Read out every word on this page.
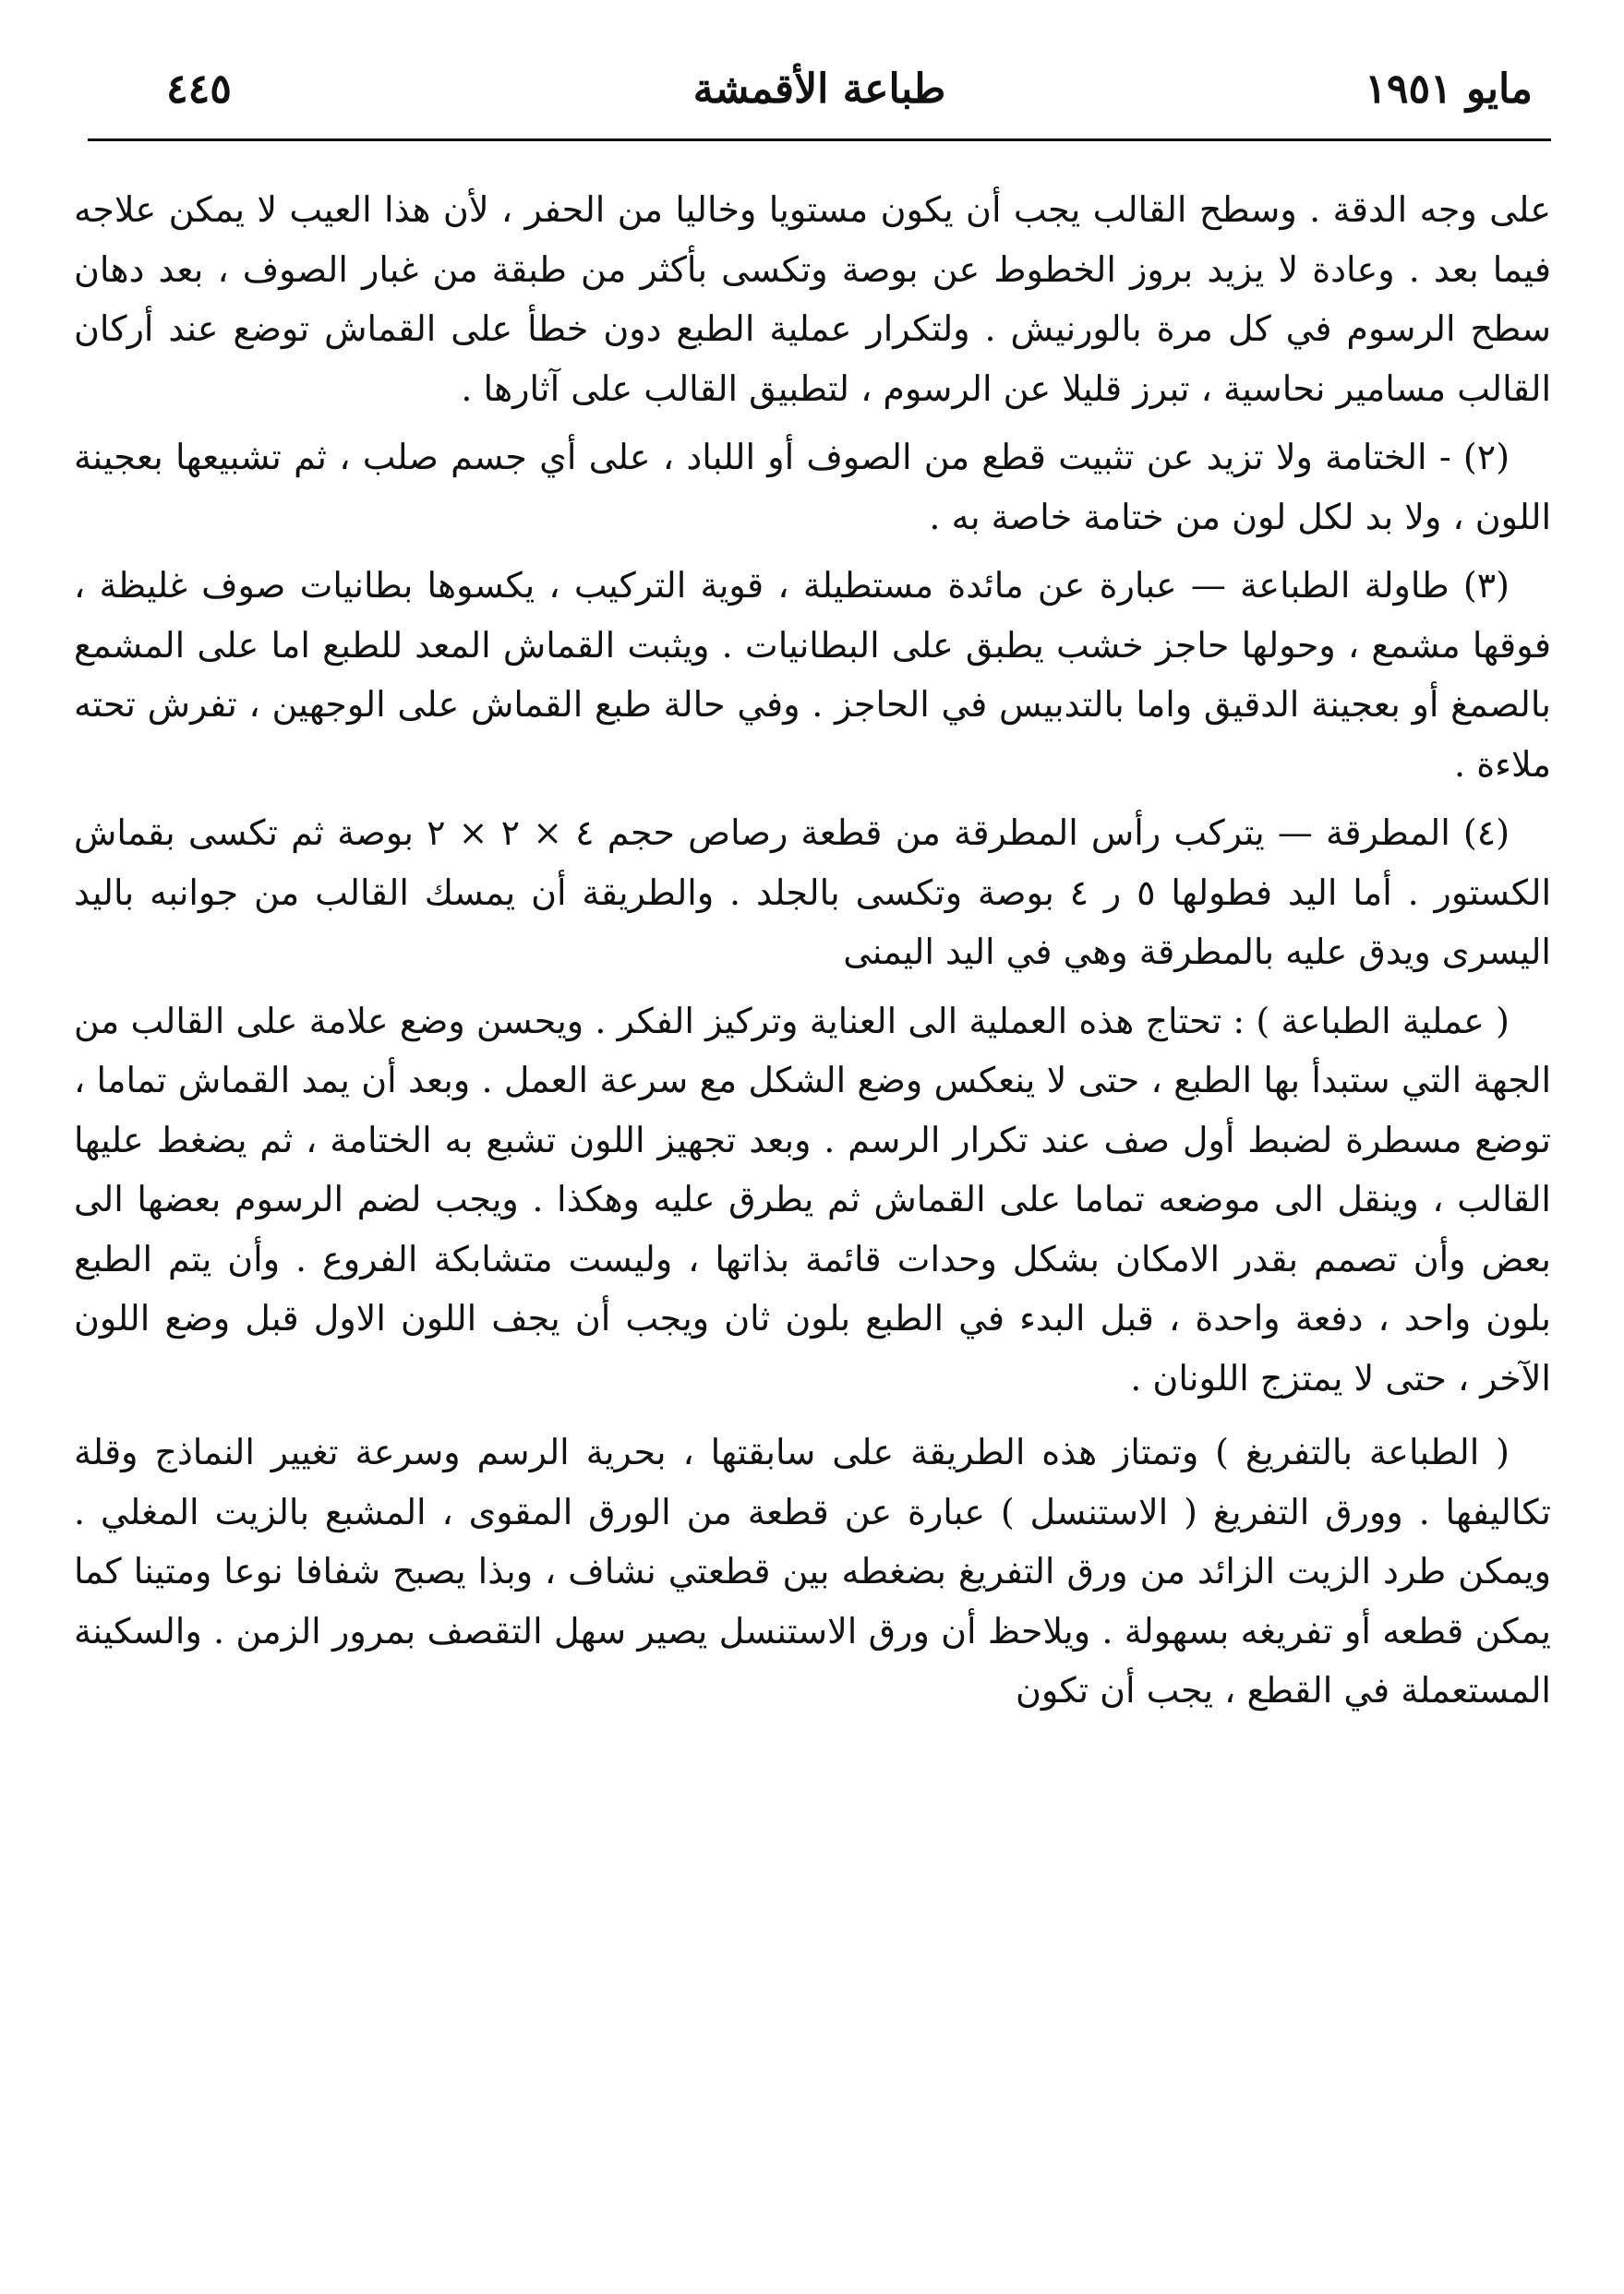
مايو ١٩٥١
طباعة الأقمشة
٤٤٥

على وجه الدقة . وسطح القالب يجب أن يكون مستويا وخاليا من الحفر ، لأن هذا العيب لا يمكن علاجه فيما بعد . وعادة لا يزيد بروز الخطوط عن بوصة وتكسى بأكثر من طبقة من غبار الصوف ، بعد دهان سطح الرسوم في كل مرة بالورنيش . ولتكرار عملية الطبع دون خطأ على القماش توضع عند أركان القالب مسامير نحاسية ، تبرز قليلا عن الرسوم ، لتطبيق القالب على آثارها .

(٢) - الختامة ولا تزيد عن تثبيت قطع من الصوف أو اللباد ، على أي جسم صلب ، ثم تشبيعها بعجينة اللون ، ولا بد لكل لون من ختامة خاصة به .

(٣) طاولة الطباعة — عبارة عن مائدة مستطيلة ، قوية التركيب ، يكسوها بطانيات صوف غليظة ، فوقها مشمع ، وحولها حاجز خشب يطبق على البطانيات . ويثبت القماش المعد للطبع اما على المشمع بالصمغ أو بعجينة الدقيق واما بالتدبيس في الحاجز . وفي حالة طبع القماش على الوجهين ، تفرش تحته ملاءة .

(٤) المطرقة — يتركب رأس المطرقة من قطعة رصاص حجم ٤ × ٢ × ٢ بوصة ثم تكسى بقماش الكستور . أما اليد فطولها ٥ ر ٤ بوصة وتكسى بالجلد . والطريقة أن يمسك القالب من جوانبه باليد اليسرى ويدق عليه بالمطرقة وهي في اليد اليمنى

( عملية الطباعة ) : تحتاج هذه العملية الى العناية وتركيز الفكر . ويحسن وضع علامة على القالب من الجهة التي ستبدأ بها الطبع ، حتى لا ينعكس وضع الشكل مع سرعة العمل . وبعد أن يمد القماش تماما ، توضع مسطرة لضبط أول صف عند تكرار الرسم . وبعد تجهيز اللون تشبع به الختامة ، ثم يضغط عليها القالب ، وينقل الى موضعه تماما على القماش ثم يطرق عليه وهكذا . ويجب لضم الرسوم بعضها الى بعض وأن تصمم بقدر الامكان بشكل وحدات قائمة بذاتها ، وليست متشابكة الفروع . وأن يتم الطبع بلون واحد ، دفعة واحدة ، قبل البدء في الطبع بلون ثان ويجب أن يجف اللون الاول قبل وضع اللون الآخر ، حتى لا يمتزج اللونان .

( الطباعة بالتفريغ ) وتمتاز هذه الطريقة على سابقتها ، بحرية الرسم وسرعة تغيير النماذج وقلة تكاليفها . وورق التفريغ ( الاستنسل ) عبارة عن قطعة من الورق المقوى ، المشبع بالزيت المغلي . ويمكن طرد الزيت الزائد من ورق التفريغ بضغطه بين قطعتي نشاف ، وبذا يصبح شفافا نوعا ومتينا كما يمكن قطعه أو تفريغه بسهولة . ويلاحظ أن ورق الاستنسل يصير سهل التقصف بمرور الزمن . والسكينة المستعملة في القطع ، يجب أن تكون
